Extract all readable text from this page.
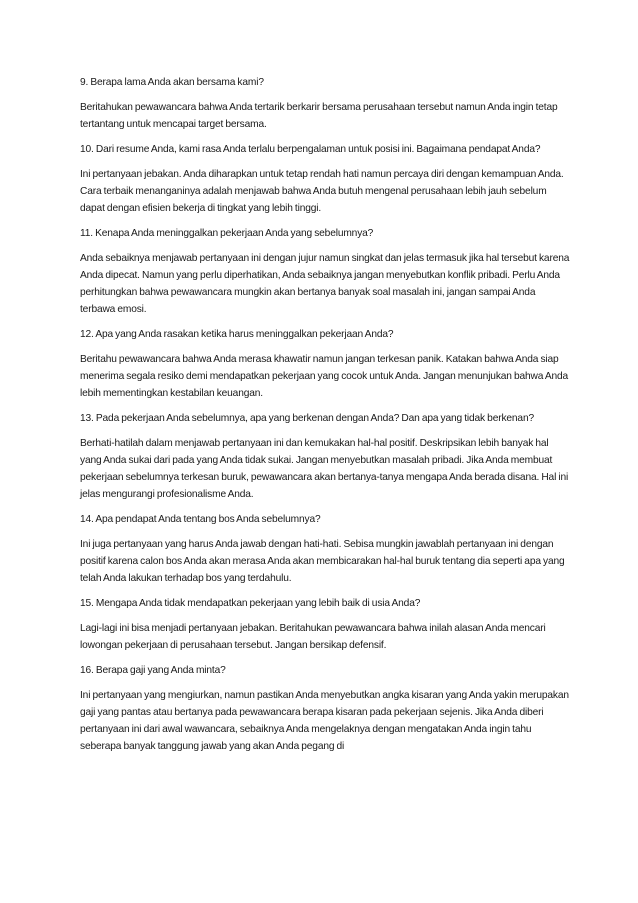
9. Berapa lama Anda akan bersama kami?

Beritahukan pewawancara bahwa Anda tertarik berkarir bersama perusahaan tersebut namun Anda ingin tetap tertantang untuk mencapai target bersama.

10. Dari resume Anda, kami rasa Anda terlalu berpengalaman untuk posisi ini. Bagaimana pendapat Anda?

Ini pertanyaan jebakan. Anda diharapkan untuk tetap rendah hati namun percaya diri dengan kemampuan Anda. Cara terbaik menanganinya adalah menjawab bahwa Anda butuh mengenal perusahaan lebih jauh sebelum dapat dengan efisien bekerja di tingkat yang lebih tinggi.

11. Kenapa Anda meninggalkan pekerjaan Anda yang sebelumnya?

Anda sebaiknya menjawab pertanyaan ini dengan jujur namun singkat dan jelas termasuk jika hal tersebut karena Anda dipecat. Namun yang perlu diperhatikan, Anda sebaiknya jangan menyebutkan konflik pribadi. Perlu Anda perhitungkan bahwa pewawancara mungkin akan bertanya banyak soal masalah ini, jangan sampai Anda terbawa emosi.

12. Apa yang Anda rasakan ketika harus meninggalkan pekerjaan Anda?

Beritahu pewawancara bahwa Anda merasa khawatir namun jangan terkesan panik. Katakan bahwa Anda siap menerima segala resiko demi mendapatkan pekerjaan yang cocok untuk Anda. Jangan menunjukan bahwa Anda lebih mementingkan kestabilan keuangan.

13. Pada pekerjaan Anda sebelumnya, apa yang berkenan dengan Anda? Dan apa yang tidak berkenan?

Berhati-hatilah dalam menjawab pertanyaan ini dan kemukakan hal-hal positif. Deskripsikan lebih banyak hal yang Anda sukai dari pada yang Anda tidak sukai. Jangan menyebutkan masalah pribadi. Jika Anda membuat pekerjaan sebelumnya terkesan buruk, pewawancara akan bertanya-tanya mengapa Anda berada disana. Hal ini jelas mengurangi profesionalisme Anda.

14. Apa pendapat Anda tentang bos Anda sebelumnya?

Ini juga pertanyaan yang harus Anda jawab dengan hati-hati. Sebisa mungkin jawablah pertanyaan ini dengan positif karena calon bos Anda akan merasa Anda akan membicarakan hal-hal buruk tentang dia seperti apa yang telah Anda lakukan terhadap bos yang terdahulu.

15. Mengapa Anda tidak mendapatkan pekerjaan yang lebih baik di usia Anda?

Lagi-lagi ini bisa menjadi pertanyaan jebakan. Beritahukan pewawancara bahwa inilah alasan Anda mencari lowongan pekerjaan di perusahaan tersebut. Jangan bersikap defensif.

16. Berapa gaji yang Anda minta?

Ini pertanyaan yang mengiurkan, namun pastikan Anda menyebutkan angka kisaran yang Anda yakin merupakan gaji yang pantas atau bertanya pada pewawancara berapa kisaran pada pekerjaan sejenis. Jika Anda diberi pertanyaan ini dari awal wawancara, sebaiknya Anda mengelaknya dengan mengatakan Anda ingin tahu seberapa banyak tanggung jawab yang akan Anda pegang di
